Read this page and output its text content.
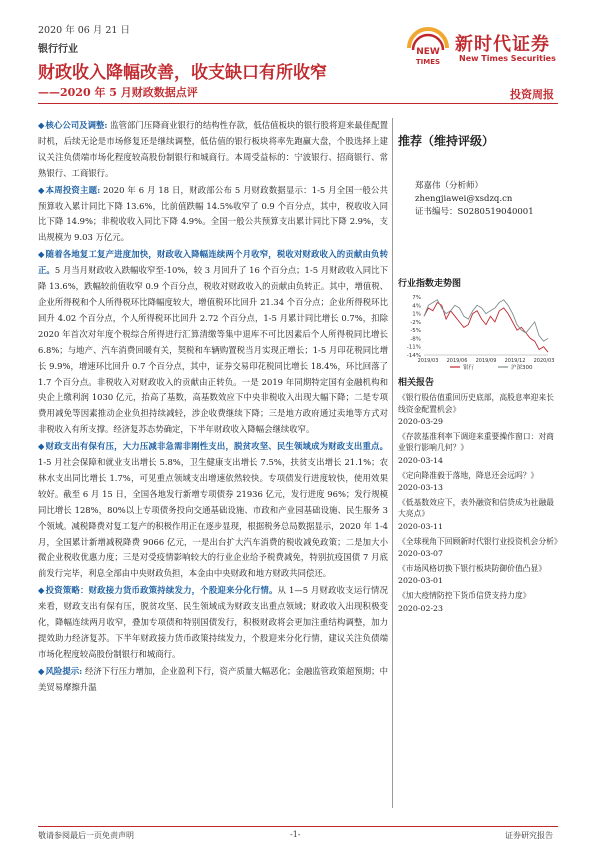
2020 年 06 月 21 日
银行行业	NEW
TIMES
新时代证券
New Times Securities
财政收入降幅改善，收支缺口有所收窄
——2020 年 5 月财政数据点评	投资周报

◆核心公司及调整: 监管部门压降商业银行的结构性存款，低估值板块的银行股将迎来最佳配置时机，后续无论是市场修复还是继续调整，低估值的银行板块将率先跑赢大盘，个股选择上建议关注负债端市场化程度较高股份制银行和城商行。本周受益标的：宁波银行、招商银行、常熟银行、工商银行。

◆本周投资主题: 2020 年 6 月 18 日，财政部公布 5 月财政数据显示：1-5 月全国一般公共预算收入累计同比下降 13.6%，比前值跌幅 14.5%收窄了 0.9 个百分点，其中，税收收入同比下降 14.9%；非税收收入同比下降 4.9%。全国一般公共预算支出累计同比下降 2.9%，支出规模为 9.03 万亿元。

◆随着各地复工复产进度加快，财政收入降幅连续两个月收窄，税收对财政收入的贡献由负转正。5 月当月财政收入跌幅收窄至-10%，较 3 月回升了 16 个百分点；1-5 月财政收入同比下降 13.6%，跌幅较前值收窄 0.9 个百分点，税收对财政收入的贡献由负转正。其中，增值税、企业所得税和个人所得税环比降幅度较大，增值税环比回升 21.34 个百分点；企业所得税环比回升 4.02 个百分点，个人所得税环比回升 2.72 个百分点，1-5 月累计同比增长 0.7%，扣除 2020 年首次对年度个税综合所得进行汇算清缴等集中退库不可比因素后个人所得税同比增长 6.8%；与地产、汽车消费回暖有关，契税和车辆购置税当月实现正增长；1-5 月印花税同比增长 9.9%，增速环比回升 0.7 个百分点，其中，证券交易印花税同比增长 18.4%，环比回落了 1.7 个百分点。非税收入对财政收入的贡献由正转负。一是 2019 年同期特定国有金融机构和央企上缴利润 1030 亿元，抬高了基数，高基数效应下中央非税收入出现大幅下降；二是专项费用减免等因素推动企业负担持续减轻，涉企收费继续下降；三是地方政府通过卖地等方式对非税收入有所支撑。经济复苏态势确定，下半年财政收入降幅会继续收窄。

◆财政支出有保有压，大力压减非急需非刚性支出，脱贫攻坚、民生领域成为财政支出重点。1-5 月社会保障和就业支出增长 5.8%，卫生健康支出增长 7.5%，扶贫支出增长 21.1%；农林水支出同比增长 1.7%，可见重点领域支出增速依然较快。专项债发行进度较快，使用效果较好。截至 6 月 15 日，全国各地发行新增专项债券 21936 亿元，发行进度 96%；发行规模同比增长 128%，80%以上专项债务投向交通基础设施、市政和产业园基础设施、民生服务 3 个领域。减税降费对复工复产的积极作用正在逐步显现，根据税务总局数据显示，2020 年 1-4 月，全国累计新增减税降费 9066 亿元，一是出台扩大汽车消费的税收减免政策；二是加大小微企业税收优惠力度；三是对受疫情影响较大的行业企业给予税费减免，特别抗疫国债 7 月底前发行完毕，利息全部由中央财政负担，本金由中央财政和地方财政共同偿还。

◆投资策略：财政接力货币政策持续发力，个股迎来分化行情。从 1—5 月财政收支运行情况来看，财政支出有保有压，脱贫攻坚、民生领域成为财政支出重点领域；财政收入出现积极变化，降幅连续两月收窄，叠加专项债和特别国债发行，积极财政将会更加注重结构调整，加力提效助力经济复苏。下半年财政接力货币政策持续发力，个股迎来分化行情，建议关注负债端市场化程度较高股份制银行和城商行。

◆风险提示: 经济下行压力增加，企业盈利下行，资产质量大幅恶化；金融监管政策超预期；中美贸易摩擦升温

推荐（维持评级）
郑嘉伟（分析师）
zhengjiawei@xsdzq.cn
证书编号：S0280519040001
行业指数走势图
7%
4%
1%
-2%
-5%
-8%
-11%
-14%
2019/03 2019/06 2019/09 2019/12 2020/03
银行	沪深300
相关报告
《银行股估值重回历史底部，高股息率迎来长线资金配置机会》
2020-03-29
《存款基准利率下调迎来重要操作窗口：对商业银行影响几何？》
2020-03-14
《定向降准毅于落地，降息还会远吗？》
2020-03-13
《低基数效应下，表外融资和信贷成为社融最大亮点》
2020-03-11
《全球视角下回顾新时代银行业投资机会分析》
2020-03-07
《市场风格切换下银行板块防御价值凸显》
2020-03-01
《加大疫情防控下货币信贷支持力度》
2020-02-23
敬请参阅最后一页免责声明	-1-	证券研究报告
